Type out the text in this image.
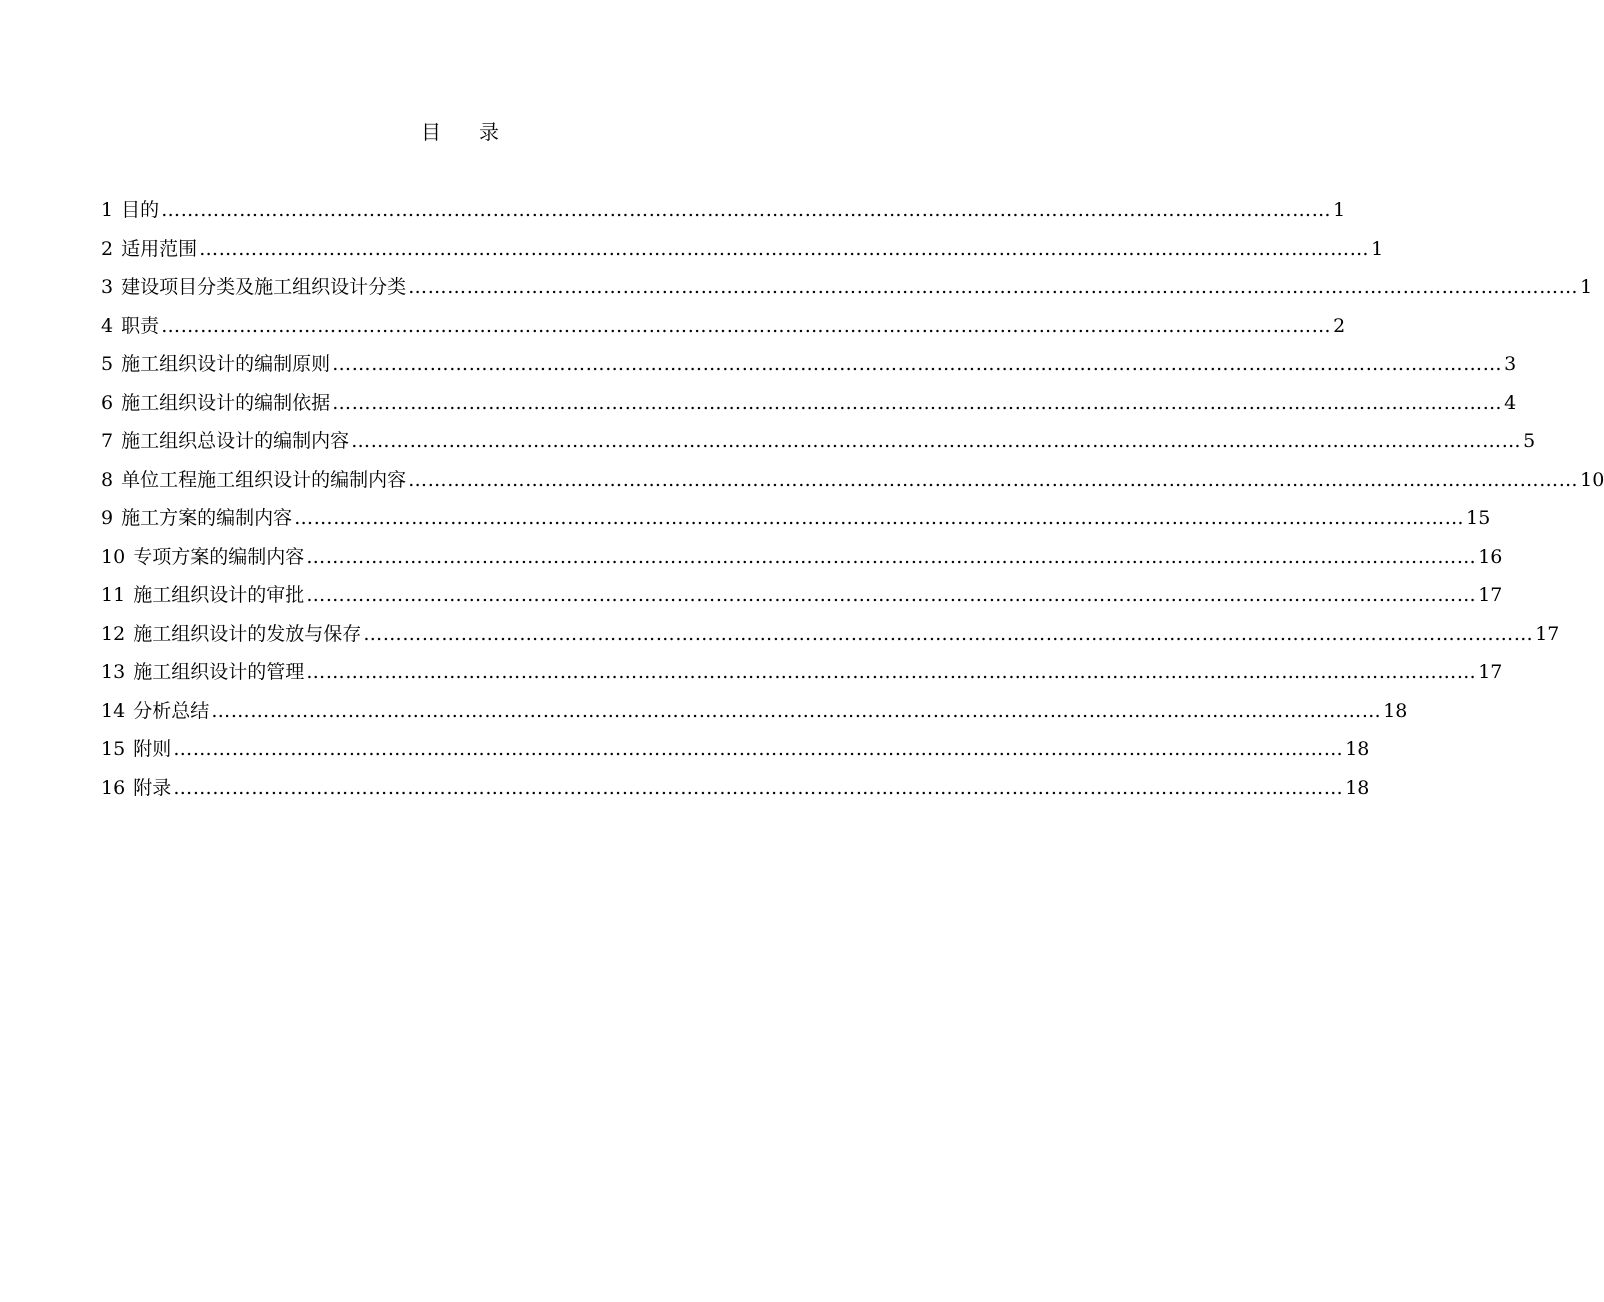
目 录
1 目的 ……………………………………………………………………………………………………………………………………………………………… 1
2 适用范围 ……………………………………………………………………………………………………………………………………………………………… 1
3 建设项目分类及施工组织设计分类 ……………………………………………………………………………………………………………………………………………………………… 1
4 职责 ……………………………………………………………………………………………………………………………………………………………… 2
5 施工组织设计的编制原则 ……………………………………………………………………………………………………………………………………………………………… 3
6 施工组织设计的编制依据 ……………………………………………………………………………………………………………………………………………………………… 4
7 施工组织总设计的编制内容 ……………………………………………………………………………………………………………………………………………………………… 5
8 单位工程施工组织设计的编制内容 ……………………………………………………………………………………………………………………………………………………………… 10
9 施工方案的编制内容 ……………………………………………………………………………………………………………………………………………………………… 15
10 专项方案的编制内容 ……………………………………………………………………………………………………………………………………………………………… 16
11 施工组织设计的审批 ……………………………………………………………………………………………………………………………………………………………… 17
12 施工组织设计的发放与保存 ……………………………………………………………………………………………………………………………………………………………… 17
13 施工组织设计的管理 ……………………………………………………………………………………………………………………………………………………………… 17
14 分析总结 ……………………………………………………………………………………………………………………………………………………………… 18
15 附则 ……………………………………………………………………………………………………………………………………………………………… 18
16 附录 ……………………………………………………………………………………………………………………………………………………………… 18
